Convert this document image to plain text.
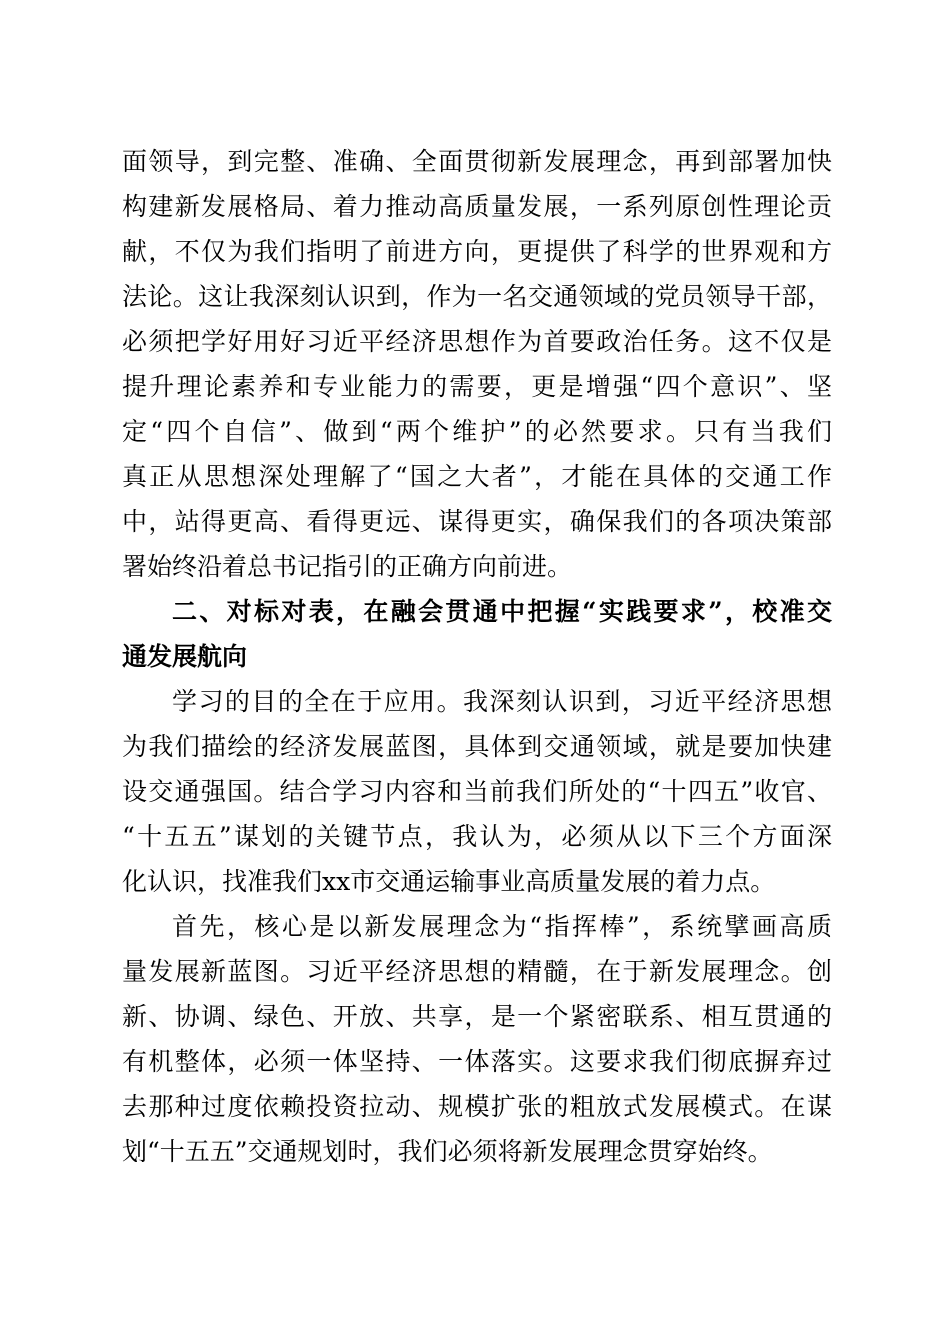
面领导，到完整、准确、全面贯彻新发展理念，再到部署加快
构建新发展格局、着力推动高质量发展，一系列原创性理论贡
献，不仅为我们指明了前进方向，更提供了科学的世界观和方
法论。这让我深刻认识到，作为一名交通领域的党员领导干部，
必须把学好用好习近平经济思想作为首要政治任务。这不仅是
提升理论素养和专业能力的需要，更是增强“四个意识”、坚
定“四个自信”、做到“两个维护”的必然要求。只有当我们
真正从思想深处理解了“国之大者”，才能在具体的交通工作
中，站得更高、看得更远、谋得更实，确保我们的各项决策部
署始终沿着总书记指引的正确方向前进。
二、对标对表，在融会贯通中把握“实践要求”，校准交
通发展航向
学习的目的全在于应用。我深刻认识到，习近平经济思想
为我们描绘的经济发展蓝图，具体到交通领域，就是要加快建
设交通强国。结合学习内容和当前我们所处的“十四五”收官、
“十五五”谋划的关键节点，我认为，必须从以下三个方面深
化认识，找准我们xx市交通运输事业高质量发展的着力点。
首先，核心是以新发展理念为“指挥棒”，系统擘画高质
量发展新蓝图。习近平经济思想的精髓，在于新发展理念。创
新、协调、绿色、开放、共享，是一个紧密联系、相互贯通的
有机整体，必须一体坚持、一体落实。这要求我们彻底摒弃过
去那种过度依赖投资拉动、规模扩张的粗放式发展模式。在谋
划“十五五”交通规划时，我们必须将新发展理念贯穿始终。
